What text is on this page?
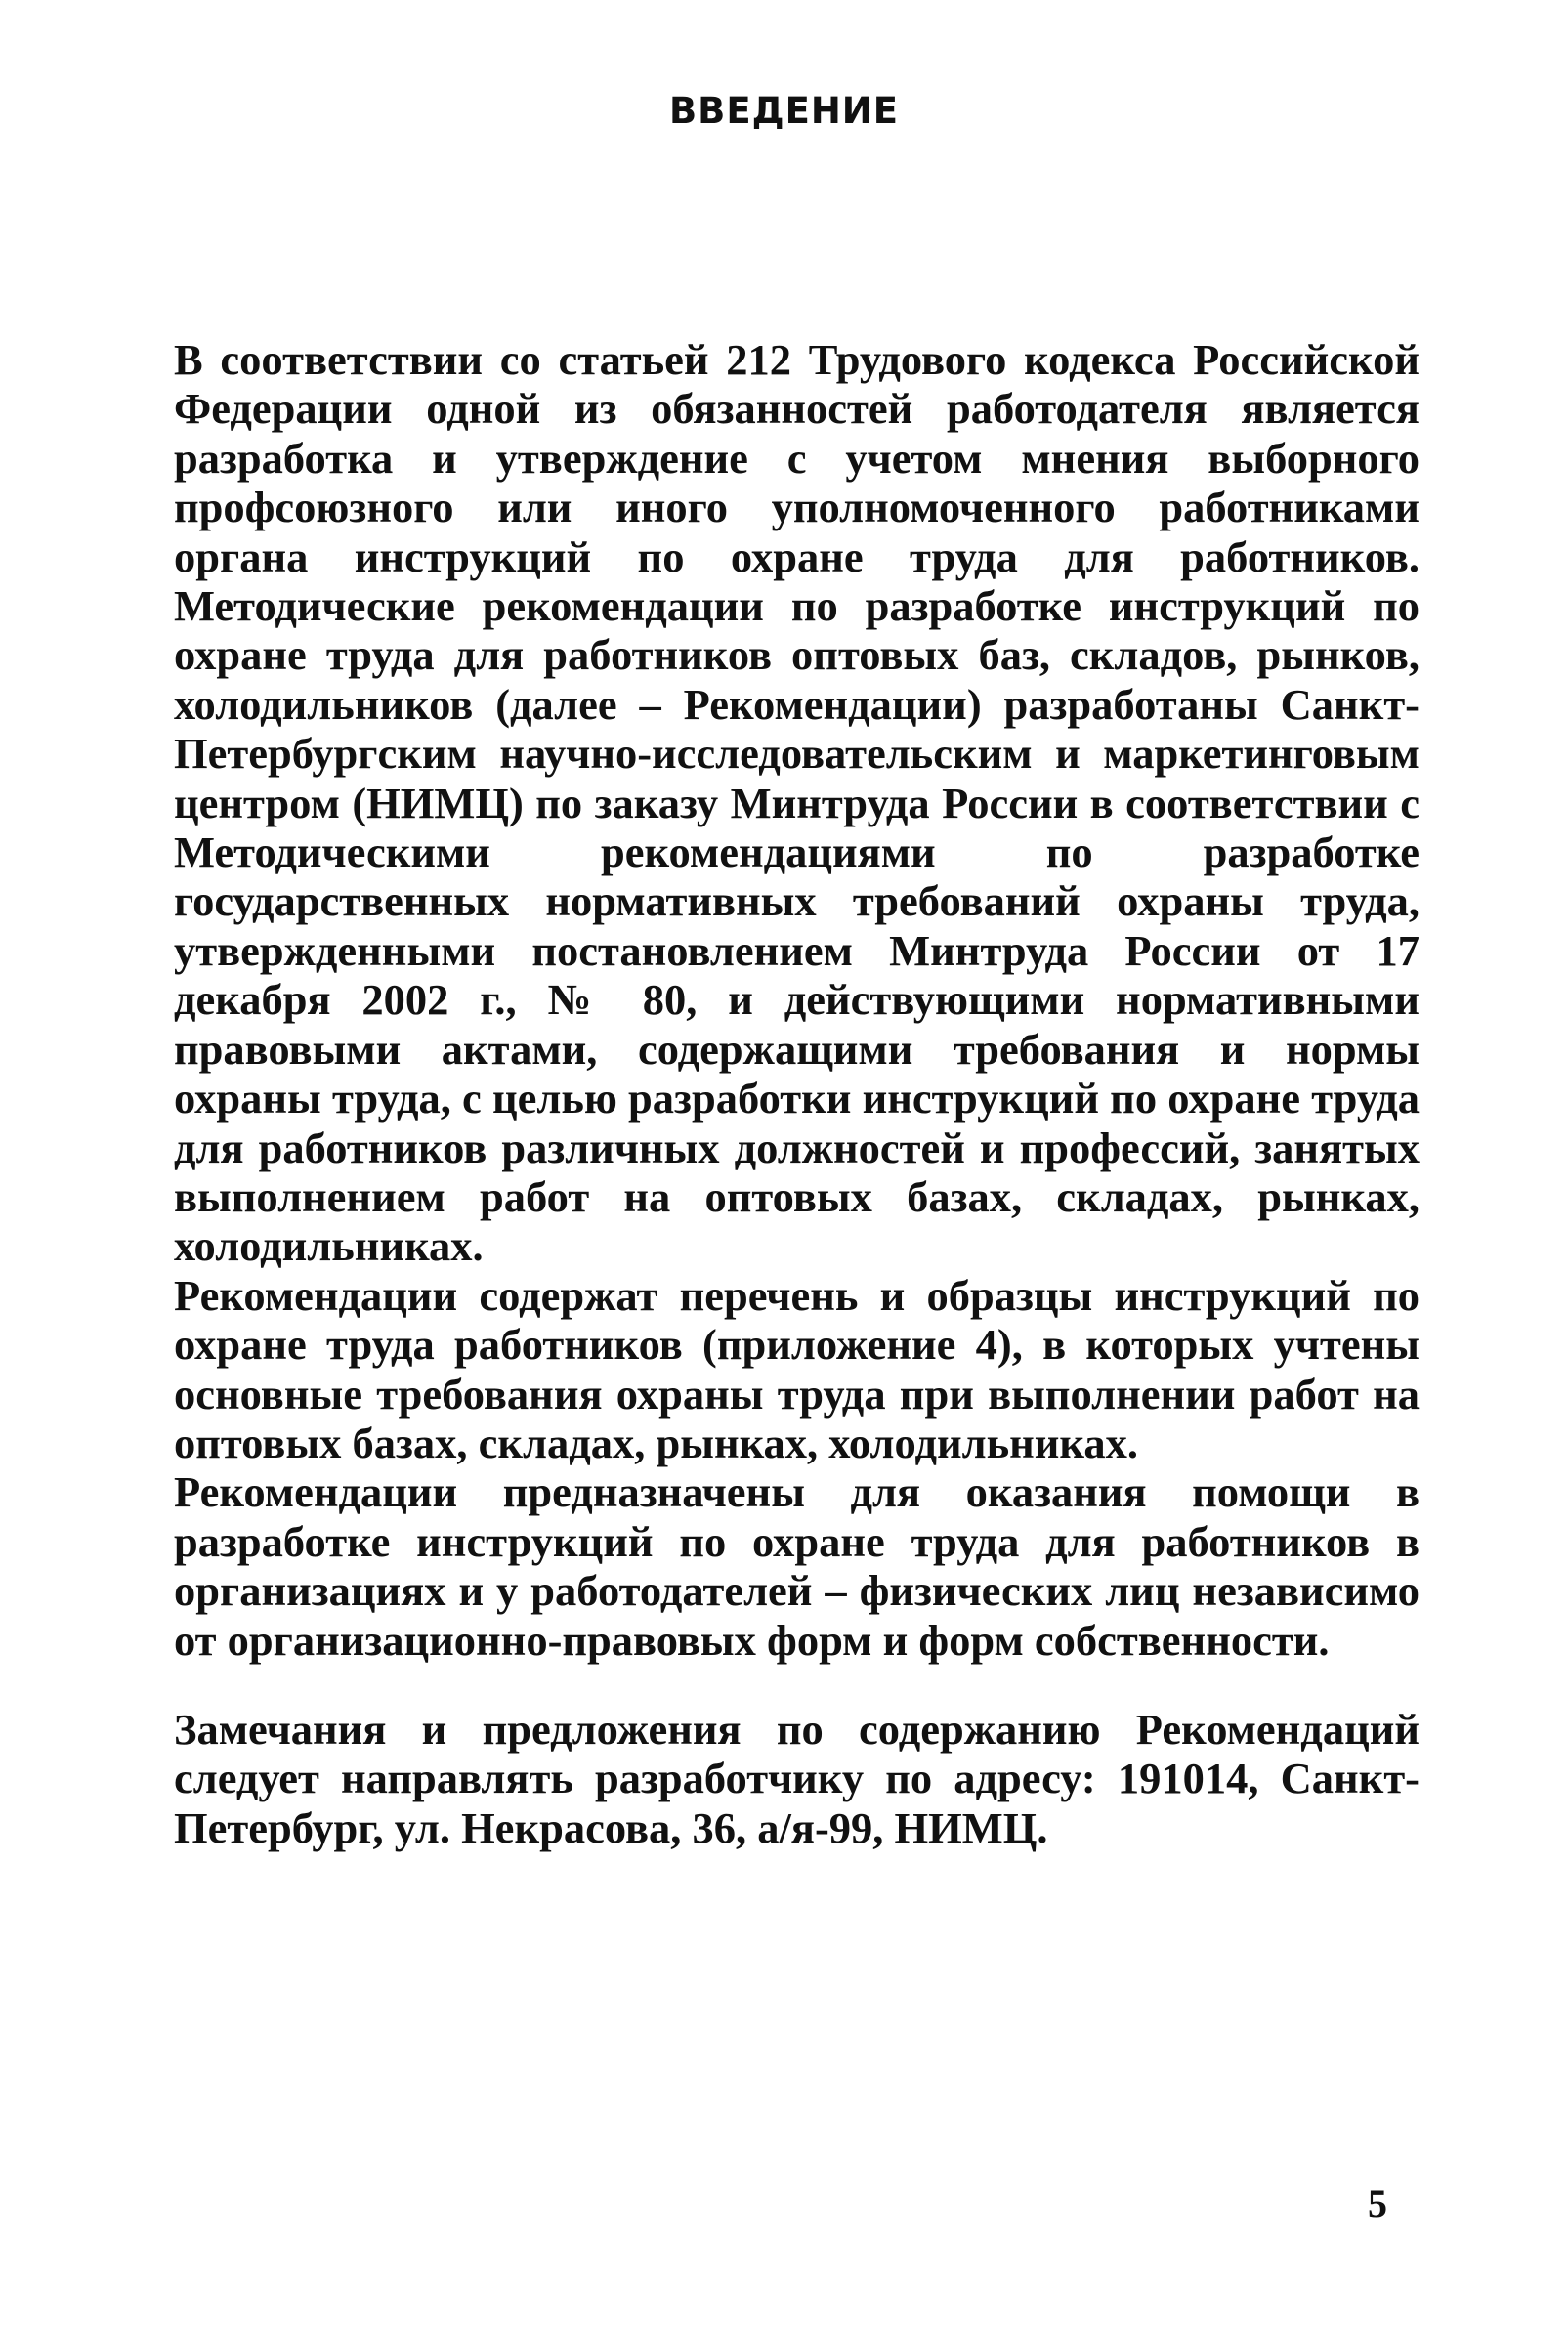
ВВЕДЕНИЕ

В соответствии со статьей 212 Трудового кодекса Российской Федерации одной из обязанностей работодателя является разработка и утверждение с учетом мнения выборного профсоюзного или иного уполномоченного работниками органа инструкций по охране труда для работников. Методические рекомендации по разработке инструкций по охране труда для работников оптовых баз, складов, рынков, холодильников (далее – Рекомендации) разработаны Санкт-Петербургским научно-исследовательским и маркетинговым центром (НИМЦ) по заказу Минтруда России в соответствии с Методическими рекомендациями по разработке государственных нормативных требований охраны труда, утвержденными постановлением Минтруда России от 17 декабря 2002 г., № 80, и действующими нормативными правовыми актами, содержащими требования и нормы охраны труда, с целью разработки инструкций по охране труда для работников различных должностей и профессий, занятых выполнением работ на оптовых базах, складах, рынках, холодильниках.

Рекомендации содержат перечень и образцы инструкций по охране труда работников (приложение 4), в которых учтены основные требования охраны труда при выполнении работ на оптовых базах, складах, рынках, холодильниках.

Рекомендации предназначены для оказания помощи в разработке инструкций по охране труда для работников в организациях и у работодателей – физических лиц независимо от организационно-правовых форм и форм собственности.

Замечания и предложения по содержанию Рекомендаций следует направлять разработчику по адресу: 191014, Санкт-Петербург, ул. Некрасова, 36, а/я-99, НИМЦ.

5
